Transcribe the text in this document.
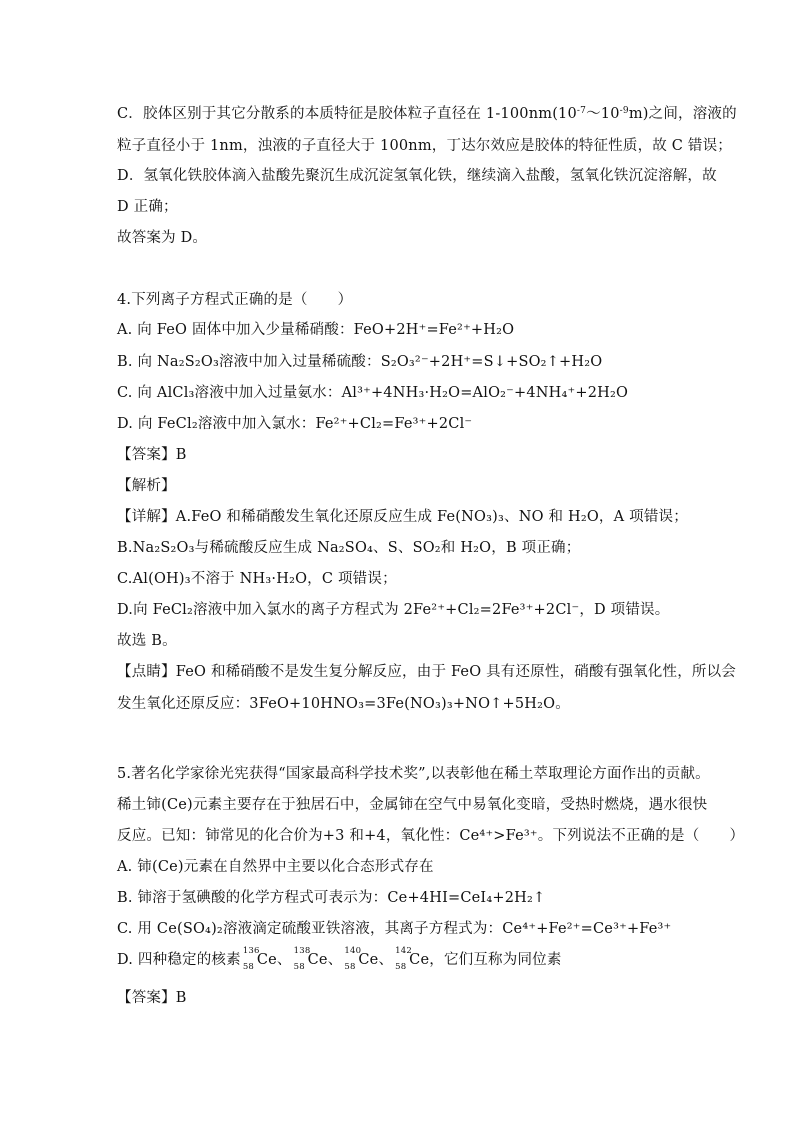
C．胶体区别于其它分散系的本质特征是胶体粒子直径在 $1-100nm(10^{-7}\sim 10^{-9}m)$之间，溶液的
粒子直径小于 1nm，浊液的子直径大于 100nm，丁达尔效应是胶体的特征性质，故 C 错误；
D．氢氧化铁胶体滴入盐酸先聚沉生成沉淀氢氧化铁，继续滴入盐酸，氢氧化铁沉淀溶解，故
D 正确；
故答案为 D。
4.下列离子方程式正确的是（ ）
A. 向 FeO 固体中加入少量稀硝酸：FeO+2H⁺=Fe²⁺+H₂O
B. 向 Na₂S₂O₃溶液中加入过量稀硫酸：S₂O₃²⁻+2H⁺=S↓+SO₂↑+H₂O
C. 向 AlCl₃溶液中加入过量氨水：Al³⁺+4NH₃·H₂O=AlO₂⁻+4NH₄⁺+2H₂O
D. 向 FeCl₂溶液中加入氯水：Fe²⁺+Cl₂=Fe³⁺+2Cl⁻
【答案】B
【解析】
【详解】A.FeO 和稀硝酸发生氧化还原反应生成 Fe(NO₃)₃、NO 和 H₂O，A 项错误；
B.Na₂S₂O₃与稀硫酸反应生成 Na₂SO₄、S、SO₂和 H₂O，B 项正确；
C.Al(OH)₃不溶于 NH₃·H₂O，C 项错误；
D.向 FeCl₂溶液中加入氯水的离子方程式为 2Fe²⁺+Cl₂=2Fe³⁺+2Cl⁻，D 项错误。
故选 B。
【点睛】FeO 和稀硝酸不是发生复分解反应，由于 FeO 具有还原性，硝酸有强氧化性，所以会
发生氧化还原反应：3FeO+10HNO₃=3Fe(NO₃)₃+NO↑+5H₂O。
5.著名化学家徐光宪获得“国家最高科学技术奖”,以表彰他在稀土萃取理论方面作出的贡献。
稀土铈(Ce)元素主要存在于独居石中，金属铈在空气中易氧化变暗，受热时燃烧，遇水很快
反应。已知：铈常见的化合价为+3 和+4，氧化性：Ce⁴⁺>Fe³⁺。下列说法不正确的是（ ）
A. 铈(Ce)元素在自然界中主要以化合态形式存在
B. 铈溶于氢碘酸的化学方程式可表示为：Ce+4HI=CeI₄+2H₂↑
C. 用 Ce(SO₄)₂溶液滴定硫酸亚铁溶液，其离子方程式为：Ce⁴⁺+Fe²⁺=Ce³⁺+Fe³⁺
D. 四种稳定的核素
136
58 Ce、
138
58 Ce、
140
58 Ce、
142
58 Ce，它们互称为同位素
【答案】B
